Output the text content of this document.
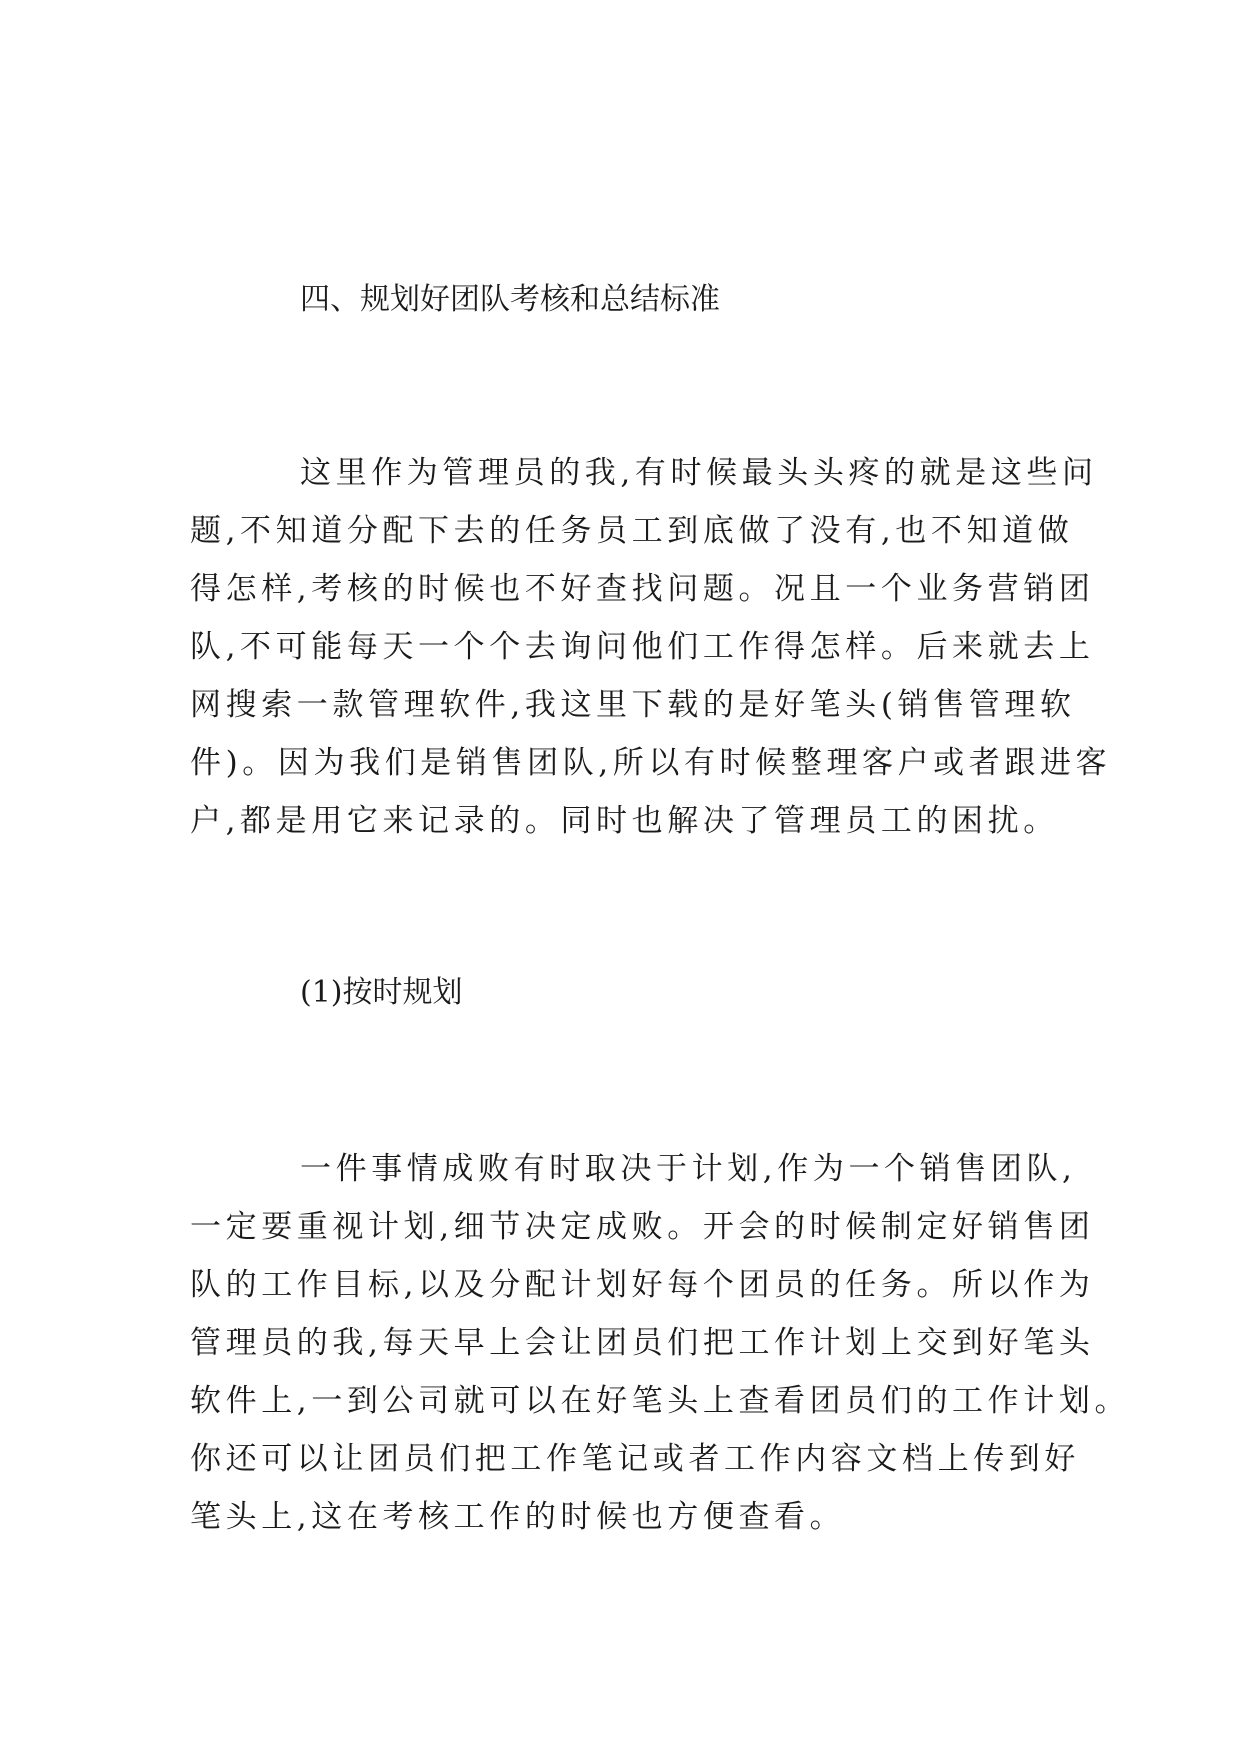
四、规划好团队考核和总结标准
这里作为管理员的我,有时候最头头疼的就是这些问
题,不知道分配下去的任务员工到底做了没有,也不知道做
得怎样,考核的时候也不好查找问题。况且一个业务营销团
队,不可能每天一个个去询问他们工作得怎样。后来就去上
网搜索一款管理软件,我这里下载的是好笔头(销售管理软
件)。因为我们是销售团队,所以有时候整理客户或者跟进客
户,都是用它来记录的。同时也解决了管理员工的困扰。
(1)按时规划
一件事情成败有时取决于计划,作为一个销售团队,
一定要重视计划,细节决定成败。开会的时候制定好销售团
队的工作目标,以及分配计划好每个团员的任务。所以作为
管理员的我,每天早上会让团员们把工作计划上交到好笔头
软件上,一到公司就可以在好笔头上查看团员们的工作计划。
你还可以让团员们把工作笔记或者工作内容文档上传到好
笔头上,这在考核工作的时候也方便查看。
